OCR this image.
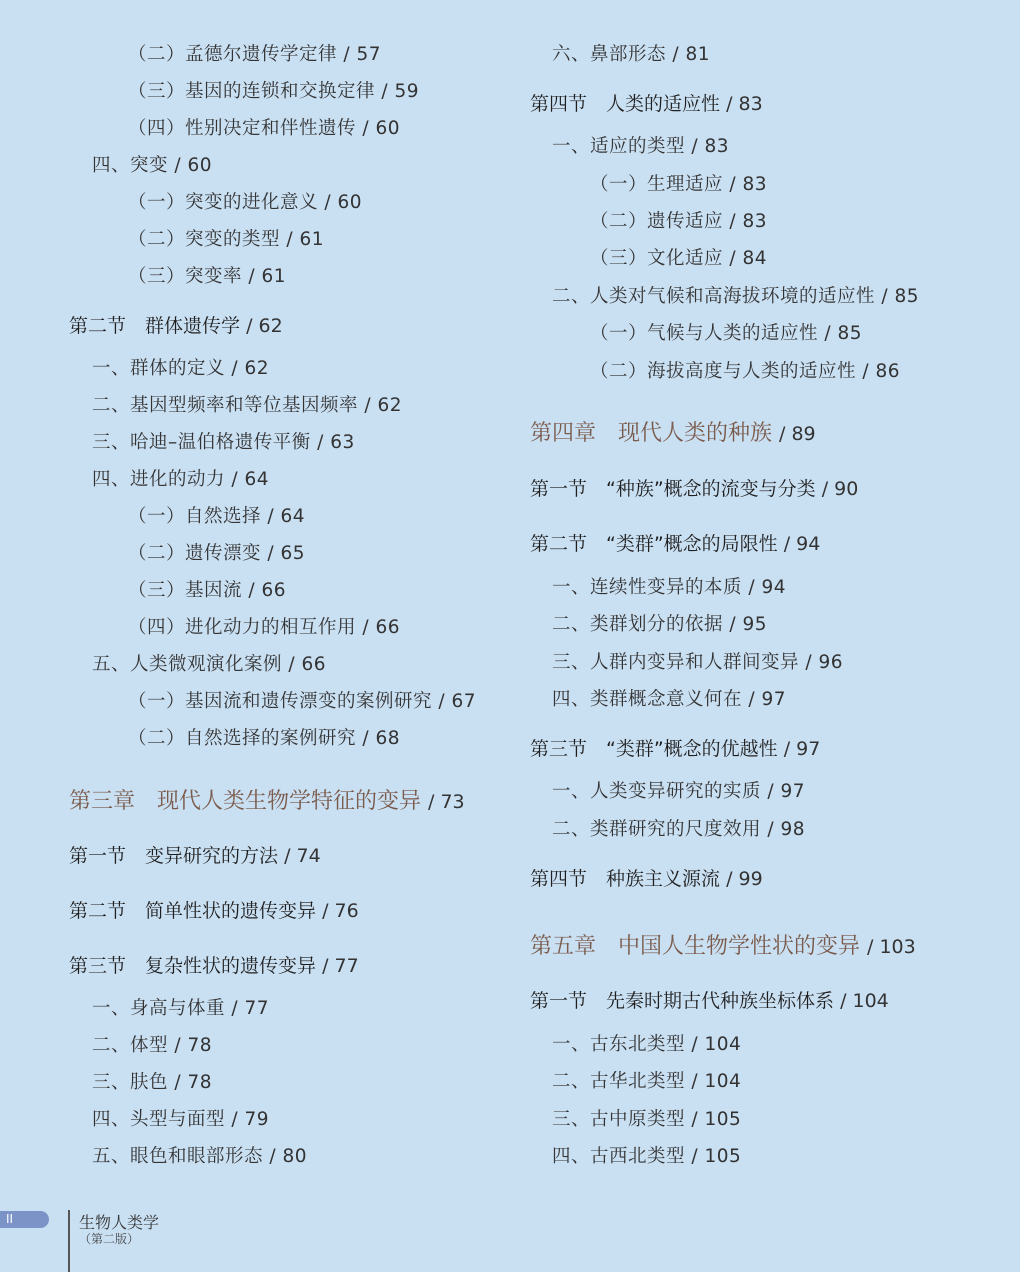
（二）孟德尔遗传学定律 / 57
（三）基因的连锁和交换定律 / 59
（四）性别决定和伴性遗传 / 60
四、突变 / 60
（一）突变的进化意义 / 60
（二）突变的类型 / 61
（三）突变率 / 61
第二节　群体遗传学 / 62
一、群体的定义 / 62
二、基因型频率和等位基因频率 / 62
三、哈迪–温伯格遗传平衡 / 63
四、进化的动力 / 64
（一）自然选择 / 64
（二）遗传漂变 / 65
（三）基因流 / 66
（四）进化动力的相互作用 / 66
五、人类微观演化案例 / 66
（一）基因流和遗传漂变的案例研究 / 67
（二）自然选择的案例研究 / 68
第三章　现代人类生物学特征的变异 / 73
第一节　变异研究的方法 / 74
第二节　简单性状的遗传变异 / 76
第三节　复杂性状的遗传变异 / 77
一、身高与体重 / 77
二、体型 / 78
三、肤色 / 78
四、头型与面型 / 79
五、眼色和眼部形态 / 80
六、鼻部形态 / 81
第四节　人类的适应性 / 83
一、适应的类型 / 83
（一）生理适应 / 83
（二）遗传适应 / 83
（三）文化适应 / 84
二、人类对气候和高海拔环境的适应性 / 85
（一）气候与人类的适应性 / 85
（二）海拔高度与人类的适应性 / 86
第四章　现代人类的种族 / 89
第一节　“种族”概念的流变与分类 / 90
第二节　“类群”概念的局限性 / 94
一、连续性变异的本质 / 94
二、类群划分的依据 / 95
三、人群内变异和人群间变异 / 96
四、类群概念意义何在 / 97
第三节　“类群”概念的优越性 / 97
一、人类变异研究的实质 / 97
二、类群研究的尺度效用 / 98
第四节　种族主义源流 / 99
第五章　中国人生物学性状的变异 / 103
第一节　先秦时期古代种族坐标体系 / 104
一、古东北类型 / 104
二、古华北类型 / 104
三、古中原类型 / 105
四、古西北类型 / 105
II	生物人类学
（第二版）
